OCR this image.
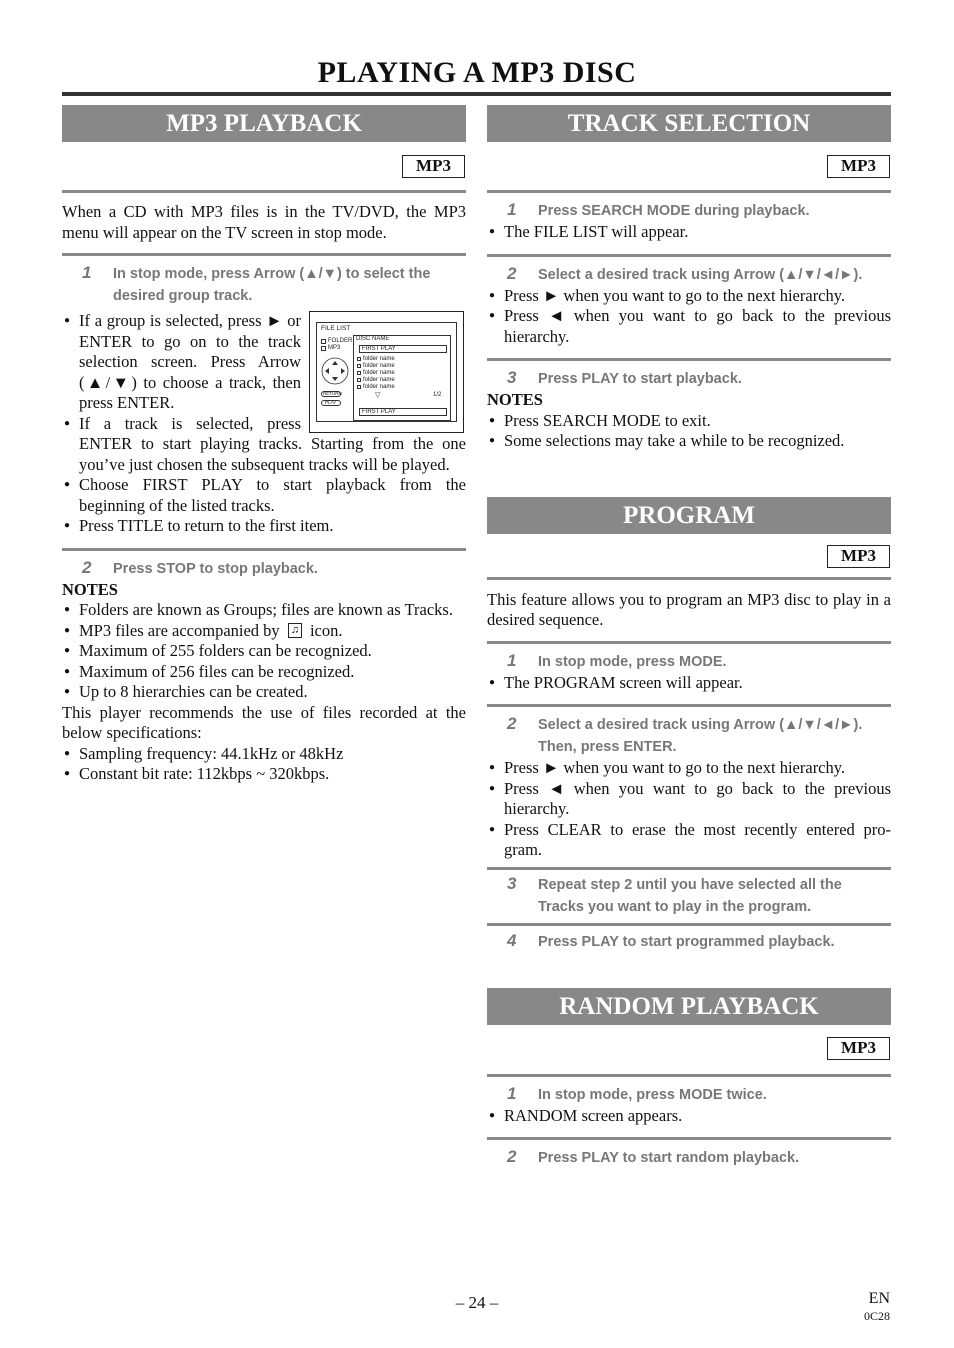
PLAYING A MP3 DISC
MP3 PLAYBACK
MP3
When a CD with MP3 files is in the TV/DVD, the MP3 menu will appear on the TV screen in stop mode.
1 In stop mode, press Arrow (▲/▼) to select the desired group track.
FILE LIST
FOLDER
MP3
DISC NAME
FIRST PLAY
folder name
folder name
folder name
folder name
folder name
1/2
▽
FIRST PLAY
RETURN
PLAY
● If a group is selected, press ► or ENTER to go on to the track selection screen. Press Arrow (▲/▼) to choose a track, then press ENTER.
● If a track is selected, press ENTER to start playing tracks. Starting from the one you’ve just chosen the subsequent tracks will be played.
● Choose FIRST PLAY to start playback from the beginning of the listed tracks.
● Press TITLE to return to the first item.
2 Press STOP to stop playback.
NOTES
● Folders are known as Groups; files are known as Tracks.
● MP3 files are accompanied by ♫ icon.
● Maximum of 255 folders can be recognized.
● Maximum of 256 files can be recognized.
● Up to 8 hierarchies can be created.
This player recommends the use of files recorded at the below specifications:
● Sampling frequency: 44.1kHz or 48kHz
● Constant bit rate: 112kbps ~ 320kbps.
TRACK SELECTION
MP3
1 Press SEARCH MODE during playback.
● The FILE LIST will appear.
2 Select a desired track using Arrow (▲/▼/◄/►).
● Press ► when you want to go to the next hierarchy.
● Press ◄ when you want to go back to the previous hierarchy.
3 Press PLAY to start playback.
NOTES
● Press SEARCH MODE to exit.
● Some selections may take a while to be recognized.
PROGRAM
MP3
This feature allows you to program an MP3 disc to play in a desired sequence.
1 In stop mode, press MODE.
● The PROGRAM screen will appear.
2 Select a desired track using Arrow (▲/▼/◄/►). Then, press ENTER.
● Press ► when you want to go to the next hierarchy.
● Press ◄ when you want to go back to the previous hierarchy.
● Press CLEAR to erase the most recently entered pro-gram.
3 Repeat step 2 until you have selected all the Tracks you want to play in the program.
4 Press PLAY to start programmed playback.
RANDOM PLAYBACK
MP3
1 In stop mode, press MODE twice.
● RANDOM screen appears.
2 Press PLAY to start random playback.
– 24 –	EN
0C28
